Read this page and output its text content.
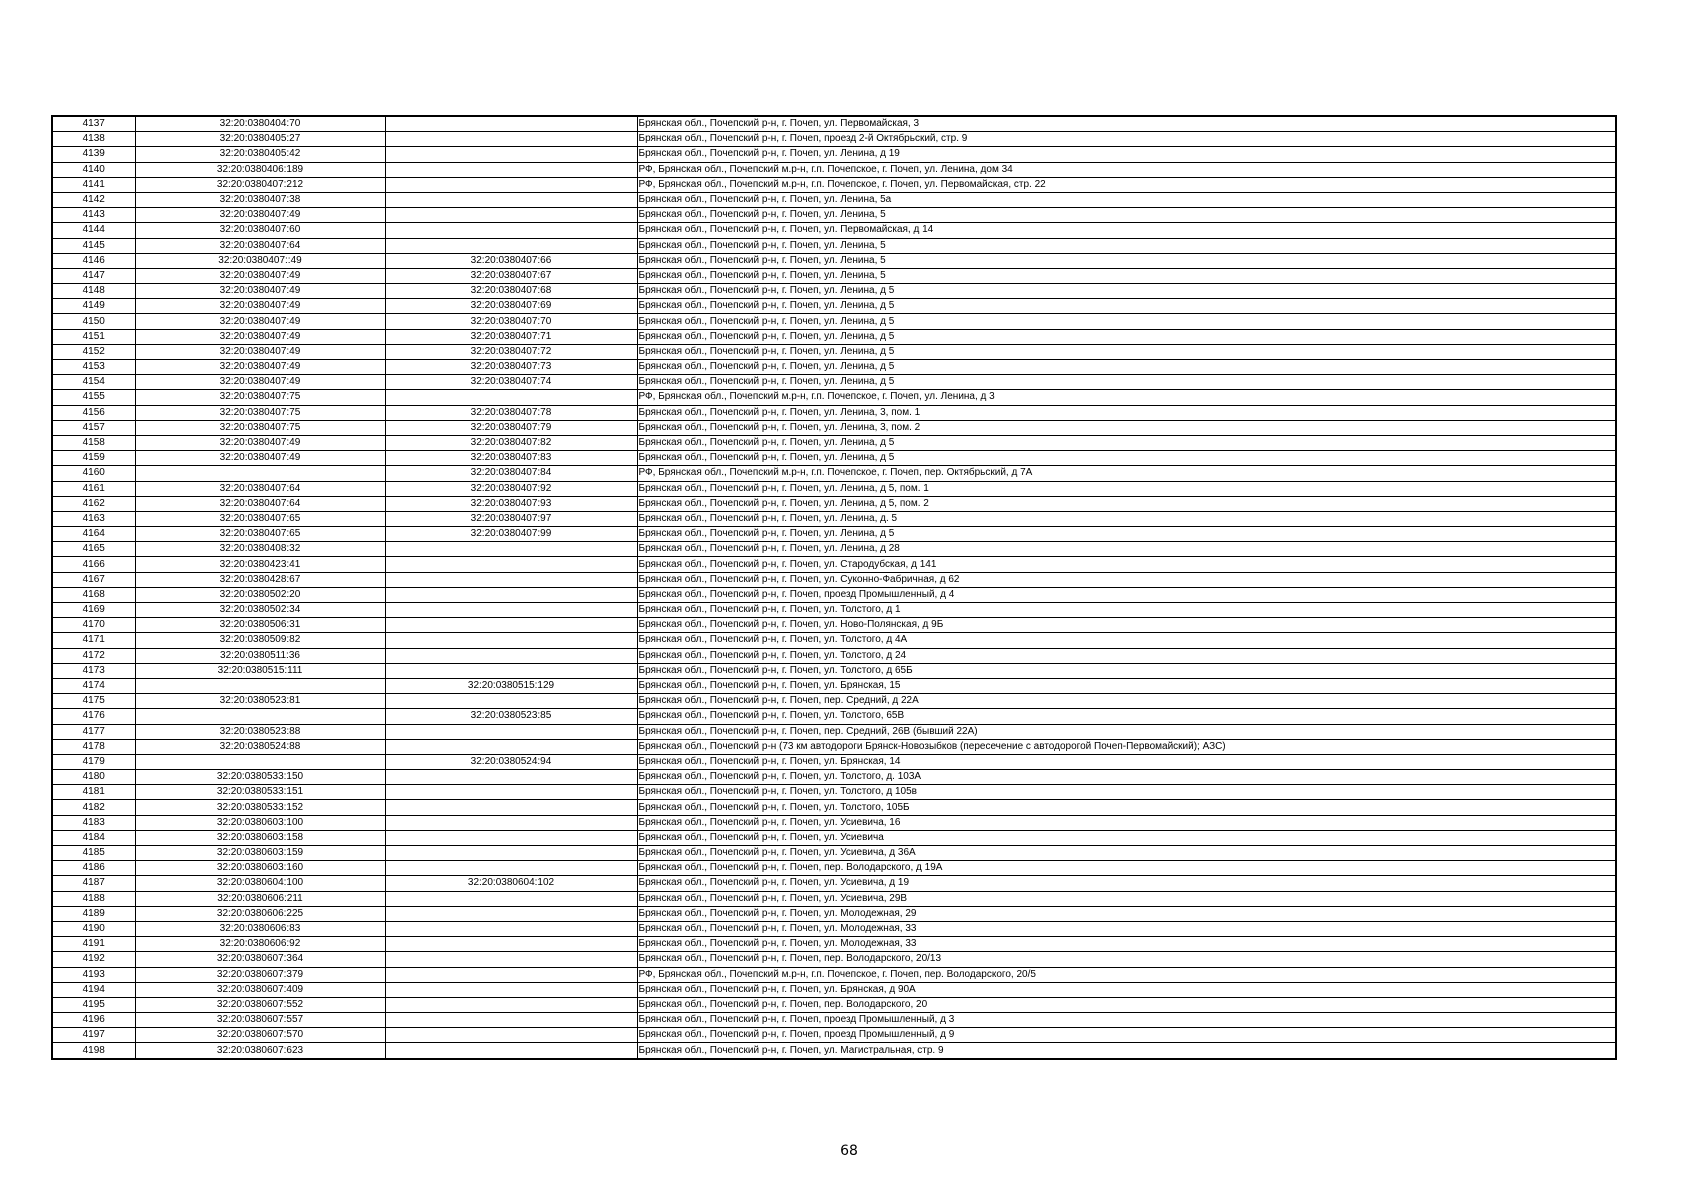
4137	32:20:0380404:70		Брянская обл., Почепский р-н, г. Почеп, ул. Первомайская, 3
4138	32:20:0380405:27		Брянская обл., Почепский р-н, г. Почеп, проезд 2-й Октябрьский, стр. 9
4139	32:20:0380405:42		Брянская обл., Почепский р-н, г. Почеп, ул. Ленина, д 19
4140	32:20:0380406:189		РФ, Брянская обл., Почепский м.р-н, г.п. Почепское, г. Почеп, ул. Ленина, дом 34
4141	32:20:0380407:212		РФ, Брянская обл., Почепский м.р-н, г.п. Почепское, г. Почеп, ул. Первомайская, стр. 22
4142	32:20:0380407:38		Брянская обл., Почепский р-н, г. Почеп, ул. Ленина, 5а
4143	32:20:0380407:49		Брянская обл., Почепский р-н, г. Почеп, ул. Ленина, 5
4144	32:20:0380407:60		Брянская обл., Почепский р-н, г. Почеп, ул. Первомайская, д 14
4145	32:20:0380407:64		Брянская обл., Почепский р-н, г. Почеп, ул. Ленина, 5
4146	32:20:0380407::49	32:20:0380407:66	Брянская обл., Почепский р-н, г. Почеп, ул. Ленина, 5
4147	32:20:0380407:49	32:20:0380407:67	Брянская обл., Почепский р-н, г. Почеп, ул. Ленина, 5
4148	32:20:0380407:49	32:20:0380407:68	Брянская обл., Почепский р-н, г. Почеп, ул. Ленина, д 5
4149	32:20:0380407:49	32:20:0380407:69	Брянская обл., Почепский р-н, г. Почеп, ул. Ленина, д 5
4150	32:20:0380407:49	32:20:0380407:70	Брянская обл., Почепский р-н, г. Почеп, ул. Ленина, д 5
4151	32:20:0380407:49	32:20:0380407:71	Брянская обл., Почепский р-н, г. Почеп, ул. Ленина, д 5
4152	32:20:0380407:49	32:20:0380407:72	Брянская обл., Почепский р-н, г. Почеп, ул. Ленина, д 5
4153	32:20:0380407:49	32:20:0380407:73	Брянская обл., Почепский р-н, г. Почеп, ул. Ленина, д 5
4154	32:20:0380407:49	32:20:0380407:74	Брянская обл., Почепский р-н, г. Почеп, ул. Ленина, д 5
4155	32:20:0380407:75		РФ, Брянская обл., Почепский м.р-н, г.п. Почепское, г. Почеп, ул. Ленина, д 3
4156	32:20:0380407:75	32:20:0380407:78	Брянская обл., Почепский р-н, г. Почеп, ул. Ленина, 3, пом. 1
4157	32:20:0380407:75	32:20:0380407:79	Брянская обл., Почепский р-н, г. Почеп, ул. Ленина, 3, пом. 2
4158	32:20:0380407:49	32:20:0380407:82	Брянская обл., Почепский р-н, г. Почеп, ул. Ленина, д 5
4159	32:20:0380407:49	32:20:0380407:83	Брянская обл., Почепский р-н, г. Почеп, ул. Ленина, д 5
4160		32:20:0380407:84	РФ, Брянская обл., Почепский м.р-н, г.п. Почепское, г. Почеп, пер. Октябрьский, д 7А
4161	32:20:0380407:64	32:20:0380407:92	Брянская обл., Почепский р-н, г. Почеп, ул. Ленина, д 5, пом. 1
4162	32:20:0380407:64	32:20:0380407:93	Брянская обл., Почепский р-н, г. Почеп, ул. Ленина, д 5, пом. 2
4163	32:20:0380407:65	32:20:0380407:97	Брянская обл., Почепский р-н, г. Почеп, ул. Ленина, д. 5
4164	32:20:0380407:65	32:20:0380407:99	Брянская обл., Почепский р-н, г. Почеп, ул. Ленина, д 5
4165	32:20:0380408:32		Брянская обл., Почепский р-н, г. Почеп, ул. Ленина, д 28
4166	32:20:0380423:41		Брянская обл., Почепский р-н, г. Почеп, ул. Стародубская, д 141
4167	32:20:0380428:67		Брянская обл., Почепский р-н, г. Почеп, ул. Суконно-Фабричная, д 62
4168	32:20:0380502:20		Брянская обл., Почепский р-н, г. Почеп, проезд Промышленный, д 4
4169	32:20:0380502:34		Брянская обл., Почепский р-н, г. Почеп, ул. Толстого, д 1
4170	32:20:0380506:31		Брянская обл., Почепский р-н, г. Почеп, ул. Ново-Полянская, д 9Б
4171	32:20:0380509:82		Брянская обл., Почепский р-н, г. Почеп, ул. Толстого, д 4А
4172	32:20:0380511:36		Брянская обл., Почепский р-н, г. Почеп, ул. Толстого, д 24
4173	32:20:0380515:111		Брянская обл., Почепский р-н, г. Почеп, ул. Толстого, д 65Б
4174		32:20:0380515:129	Брянская обл., Почепский р-н, г. Почеп, ул. Брянская, 15
4175	32:20:0380523:81		Брянская обл., Почепский р-н, г. Почеп, пер. Средний, д 22А
4176		32:20:0380523:85	Брянская обл., Почепский р-н, г. Почеп, ул. Толстого, 65В
4177	32:20:0380523:88		Брянская обл., Почепский р-н, г. Почеп, пер. Средний, 26В (бывший 22А)
4178	32:20:0380524:88		Брянская обл., Почепский р-н (73 км автодороги Брянск-Новозыбков (пересечение с автодорогой Почеп-Первомайский); АЗС)
4179		32:20:0380524:94	Брянская обл., Почепский р-н, г. Почеп, ул. Брянская, 14
4180	32:20:0380533:150		Брянская обл., Почепский р-н, г. Почеп, ул. Толстого, д. 103А
4181	32:20:0380533:151		Брянская обл., Почепский р-н, г. Почеп, ул. Толстого, д 105в
4182	32:20:0380533:152		Брянская обл., Почепский р-н, г. Почеп, ул. Толстого, 105Б
4183	32:20:0380603:100		Брянская обл., Почепский р-н, г. Почеп, ул. Усиевича, 16
4184	32:20:0380603:158		Брянская обл., Почепский р-н, г. Почеп, ул. Усиевича
4185	32:20:0380603:159		Брянская обл., Почепский р-н, г. Почеп, ул. Усиевича, д 36А
4186	32:20:0380603:160		Брянская обл., Почепский р-н, г. Почеп, пер. Володарского, д 19А
4187	32:20:0380604:100	32:20:0380604:102	Брянская обл., Почепский р-н, г. Почеп, ул. Усиевича, д 19
4188	32:20:0380606:211		Брянская обл., Почепский р-н, г. Почеп, ул. Усиевича, 29В
4189	32:20:0380606:225		Брянская обл., Почепский р-н, г. Почеп, ул. Молодежная, 29
4190	32:20:0380606:83		Брянская обл., Почепский р-н, г. Почеп, ул. Молодежная, 33
4191	32:20:0380606:92		Брянская обл., Почепский р-н, г. Почеп, ул. Молодежная, 33
4192	32:20:0380607:364		Брянская обл., Почепский р-н, г. Почеп, пер. Володарского, 20/13
4193	32:20:0380607:379		РФ, Брянская обл., Почепский м.р-н, г.п. Почепское, г. Почеп, пер. Володарского, 20/5
4194	32:20:0380607:409		Брянская обл., Почепский р-н, г. Почеп, ул. Брянская, д 90А
4195	32:20:0380607:552		Брянская обл., Почепский р-н, г. Почеп, пер. Володарского, 20
4196	32:20:0380607:557		Брянская обл., Почепский р-н, г. Почеп, проезд Промышленный, д 3
4197	32:20:0380607:570		Брянская обл., Почепский р-н, г. Почеп, проезд Промышленный, д 9
4198	32:20:0380607:623		Брянская обл., Почепский р-н, г. Почеп, ул. Магистральная, стр. 9
68
